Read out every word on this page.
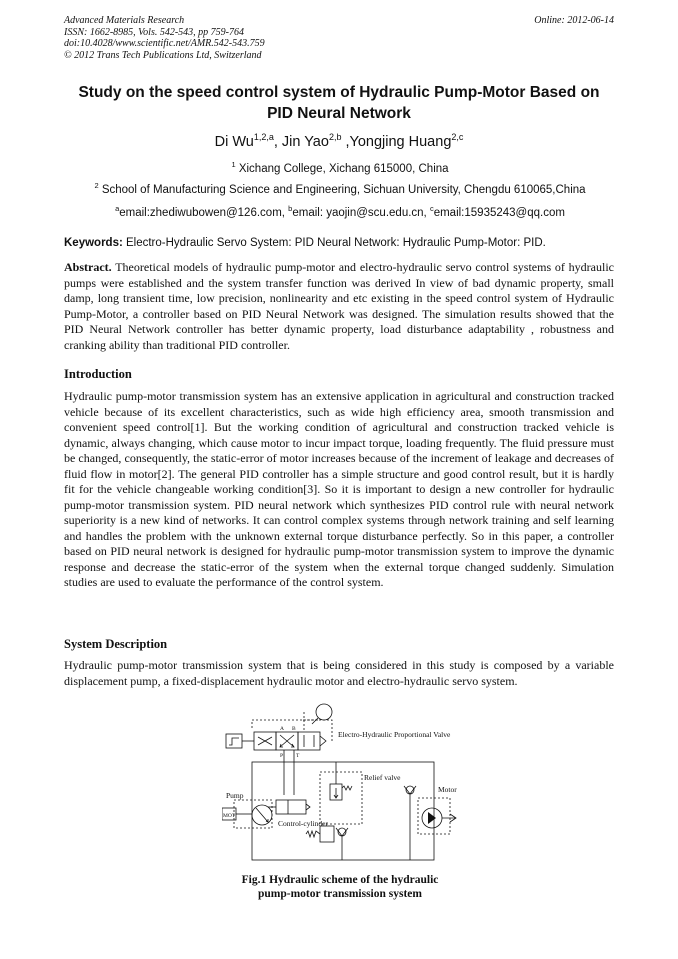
Advanced Materials Research
ISSN: 1662-8985, Vols. 542-543, pp 759-764
doi:10.4028/www.scientific.net/AMR.542-543.759
© 2012 Trans Tech Publications Ltd, Switzerland
Online: 2012-06-14
Study on the speed control system of Hydraulic Pump-Motor Based on PID Neural Network
Di Wu$^{1,2,a}$, Jin Yao$^{2,b}$ ,Yongjing Huang$^{2,c}$
$^1$ Xichang College, Xichang 615000, China
$^2$ School of Manufacturing Science and Engineering, Sichuan University, Chengdu 610065,China
$^a$email:zhediwubowen@126.com, $^b$email: yaojin@scu.edu.cn, $^c$email:15935243@qq.com
Keywords: Electro-Hydraulic Servo System: PID Neural Network: Hydraulic Pump-Motor: PID.
Abstract. Theoretical models of hydraulic pump-motor and electro-hydraulic servo control systems of hydraulic pumps were established and the system transfer function was derived In view of bad dynamic property, small damp, long transient time, low precision, nonlinearity and etc existing in the speed control system of Hydraulic Pump-Motor, a controller based on PID Neural Network was designed. The simulation results showed that the PID Neural Network controller has better dynamic property, load disturbance adaptability , robustness and cranking ability than traditional PID controller.
Introduction
Hydraulic pump-motor transmission system has an extensive application in agricultural and construction tracked vehicle because of its excellent characteristics, such as wide high efficiency area, smooth transmission and convenient speed control[1]. But the working condition of agricultural and construction tracked vehicle is dynamic, always changing, which cause motor to incur impact torque, loading frequently. The fluid pressure must be changed, consequently, the static-error of motor increases because of the increment of leakage and decreases of fluid flow in motor[2]. The general PID controller has a simple structure and good control result, but it is hardly fit for the vehicle changeable working condition[3]. So it is important to design a new controller for hydraulic pump-motor transmission system. PID neural network which synthesizes PID control rule with neural network superiority is a new kind of networks. It can control complex systems through network training and self learning and handles the problem with the unknown external torque disturbance perfectly. So in this paper, a controller based on PID neural network is designed for hydraulic pump-motor transmission system to improve the dynamic response and decrease the static-error of the system when the external torque changed suddenly. Simulation studies are used to evaluate the performance of the control system.
System Description
Hydraulic pump-motor transmission system that is being considered in this study is composed by a variable displacement pump, a fixed-displacement hydraulic motor and electro-hydraulic servo system.
Electro-Hydraulic Proportional Valve
Relief valve
Pump
Motor
MOT
Control-cylinder
A B
P T
Fig.1 Hydraulic scheme of the hydraulic
pump-motor transmission system
